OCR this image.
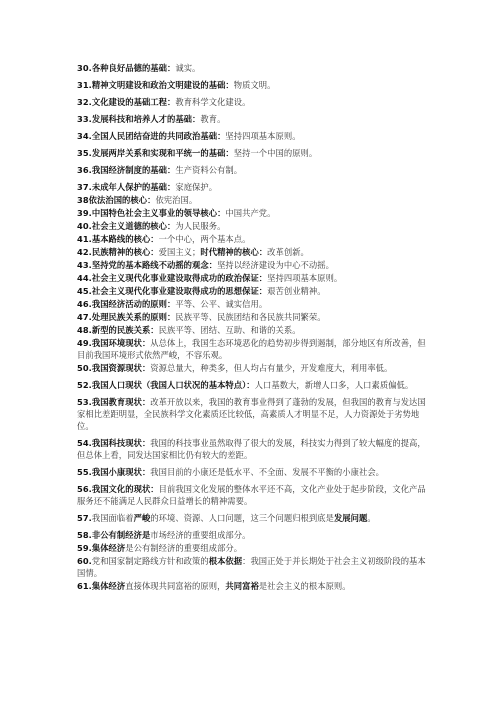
30.各种良好品德的基础：诚实。
31.精神文明建设和政治文明建设的基础：物质文明。
32.文化建设的基础工程：教育科学文化建设。
33.发展科技和培养人才的基础：教育。
34.全国人民团结奋进的共同政治基础：坚持四项基本原则。
35.发展两岸关系和实现和平统一的基础：坚持一个中国的原则。
36.我国经济制度的基础：生产资料公有制。
37.未成年人保护的基础：家庭保护。
38依法治国的核心：依宪治国。
39.中国特色社会主义事业的领导核心：中国共产党。
40.社会主义道德的核心：为人民服务。
41.基本路线的核心：一个中心，两个基本点。
42.民族精神的核心：爱国主义；时代精神的核心：改革创新。
43.坚持党的基本路线不动摇的观念：坚持以经济建设为中心不动摇。
44.社会主义现代化事业建设取得成功的政治保证：坚持四项基本原则。
45.社会主义现代化事业建设取得成功的思想保证：艰苦创业精神。
46.我国经济活动的原则：平等、公平、诚实信用。
47.处理民族关系的原则：民族平等、民族团结和各民族共同繁荣。
48.新型的民族关系：民族平等、团结、互助、和谐的关系。
49.我国环境现状：从总体上，我国生态环境恶化的趋势初步得到遏制，部分地区有所改善，但目前我国环境形式依然严峻，不容乐观。
50.我国资源现状：资源总量大，种类多，但人均占有量少，开发难度大，利用率低。
52.我国人口现状（我国人口状况的基本特点）：人口基数大，新增人口多，人口素质偏低。
53.我国教育现状：改革开放以来，我国的教育事业得到了蓬勃的发展，但我国的教育与发达国家相比差距明显，全民族科学文化素质还比较低，高素质人才明显不足，人力资源处于劣势地位。
54.我国科技现状：我国的科技事业虽然取得了很大的发展，科技实力得到了较大幅度的提高，但总体上看，同发达国家相比仍有较大的差距。
55.我国小康现状：我国目前的小康还是低水平、不全面、发展不平衡的小康社会。
56.我国文化的现状：目前我国文化发展的整体水平还不高，文化产业处于起步阶段，文化产品服务还不能满足人民群众日益增长的精神需要。
57.我国面临着严峻的环境、资源、人口问题，这三个问题归根到底是发展问题。
58.非公有制经济是市场经济的重要组成部分。
59.集体经济是公有制经济的重要组成部分。
60.党和国家制定路线方针和政策的根本依据：我国正处于并长期处于社会主义初级阶段的基本国情。
61.集体经济直接体现共同富裕的原则，共同富裕是社会主义的根本原则。
